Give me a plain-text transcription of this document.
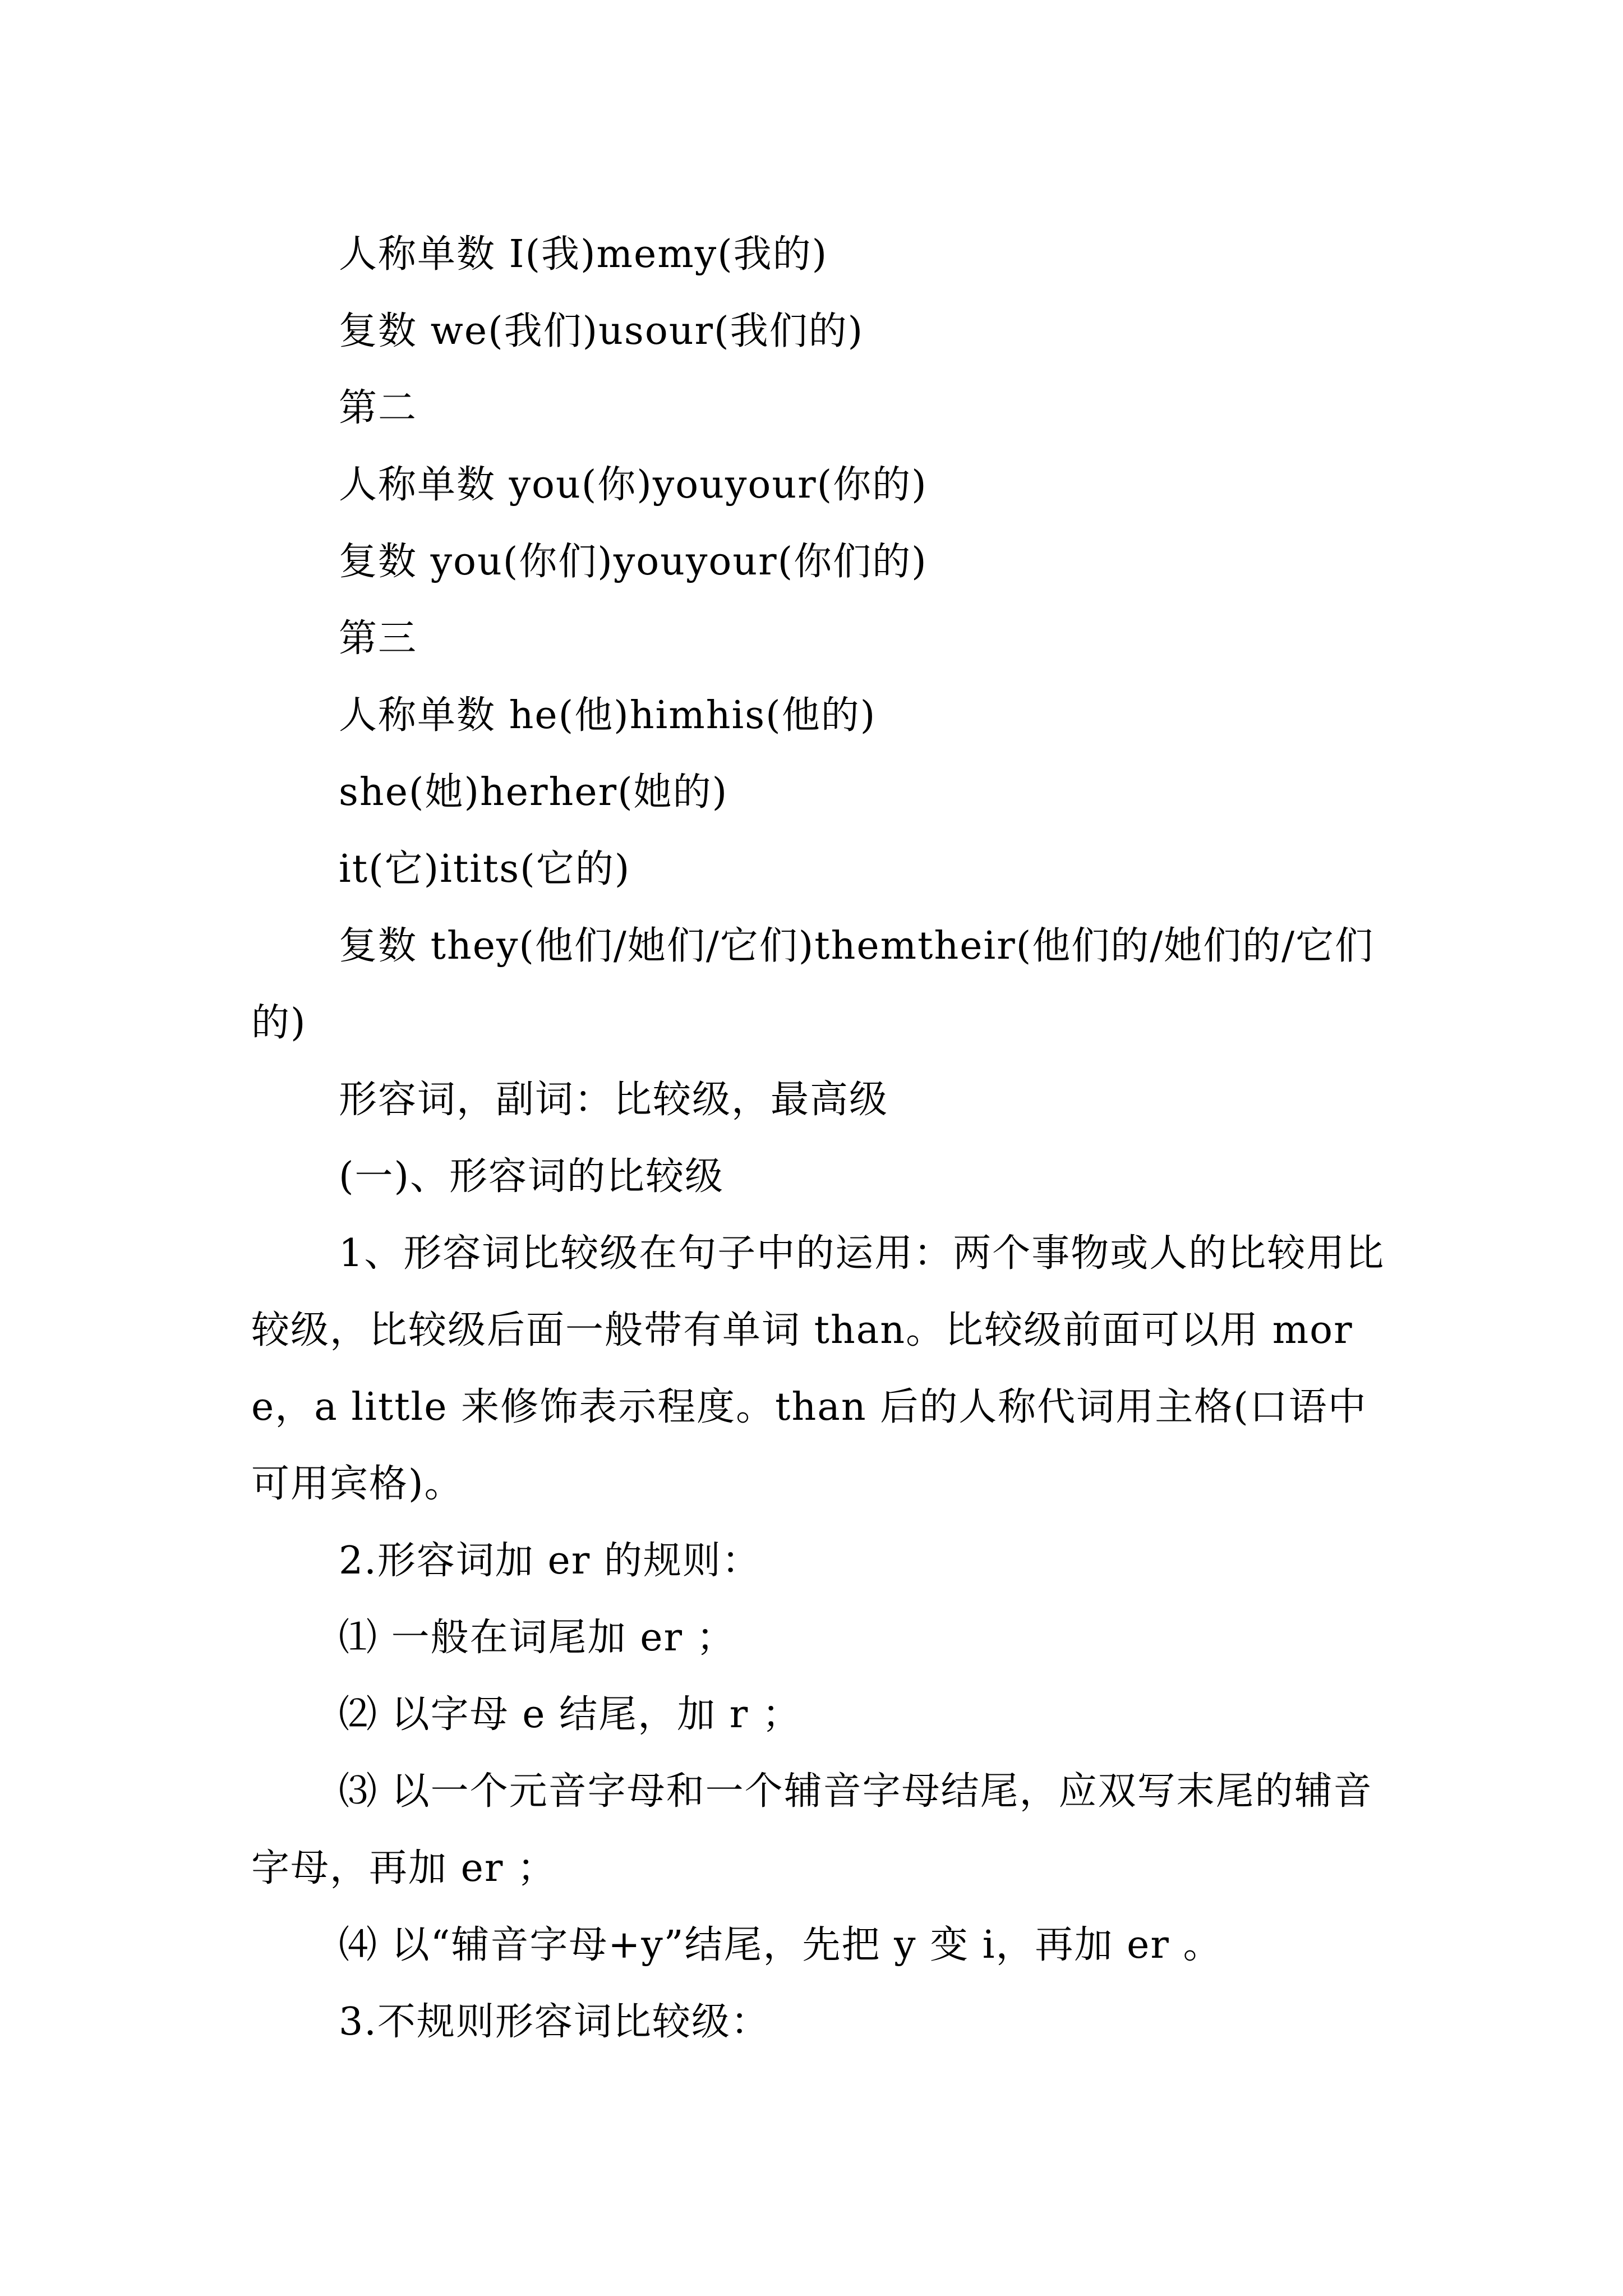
人称单数 I(我)memy(我的)

复数 we(我们)usour(我们的)

第二

人称单数 you(你)youyour(你的)

复数 you(你们)youyour(你们的)

第三

人称单数 he(他)himhis(他的)

she(她)herher(她的)

it(它)itits(它的)

复数 they(他们/她们/它们)themtheir(他们的/她们的/它们的)

形容词，副词：比较级，最高级

(一)、形容词的比较级

1、形容词比较级在句子中的运用：两个事物或人的比较用比较级，比较级后面一般带有单词 than。比较级前面可以用 more，a little 来修饰表示程度。than 后的人称代词用主格(口语中可用宾格)。

2.形容词加 er 的规则：

⑴ 一般在词尾加 er ；

⑵ 以字母 e 结尾，加 r ；

⑶ 以一个元音字母和一个辅音字母结尾，应双写末尾的辅音字母，再加 er ；

⑷ 以“辅音字母+y”结尾，先把 y 变 i，再加 er 。

3.不规则形容词比较级：
